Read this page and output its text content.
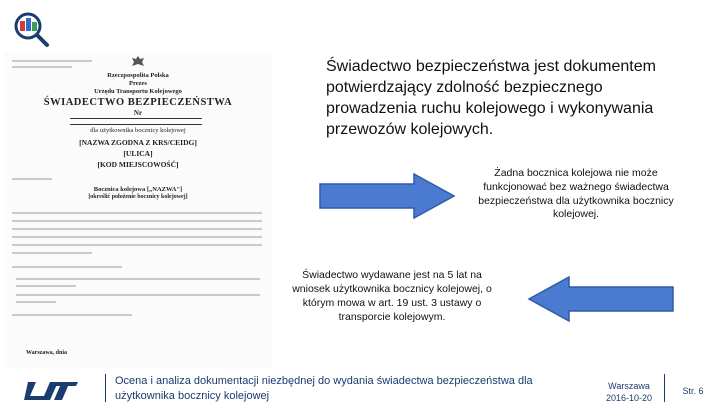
Rzeczpospolita Polska
Prezes
Urzędu Transportu Kolejowego
ŚWIADECTWO BEZPIECZEŃSTWA
Nr
dla użytkownika bocznicy kolejowej
[NAZWA ZGODNA Z KRS/CEIDG]
[ULICA]
[KOD MIEJSCOWOŚĆ]
Bocznica kolejowa [„NAZWA"]
[określić położenie bocznicy kolejowej]
Warszawa, dnia
Świadectwo bezpieczeństwa jest dokumentem potwierdzający zdolność bezpiecznego prowadzenia ruchu kolejowego i wykonywania przewozów kolejowych.
Żadna bocznica kolejowa nie może funkcjonować bez ważnego świadectwa bezpieczeństwa dla użytkownika bocznicy kolejowej.
Świadectwo wydawane jest na 5 lat na wniosek użytkownika bocznicy kolejowej, o którym mowa w art. 19 ust. 3 ustawy o transporcie kolejowym.
Ocena i analiza dokumentacji niezbędnej do wydania świadectwa bezpieczeństwa dla użytkownika bocznicy kolejowej
Warszawa
2016-10-20
Str. 6
